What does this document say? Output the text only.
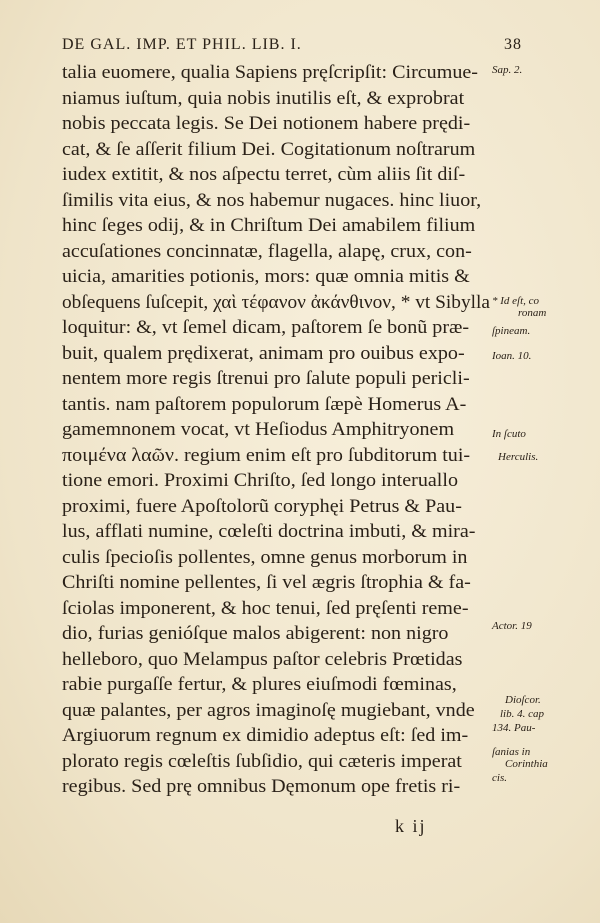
DE GAL. IMP. ET PHIL. LIB. I.	38
talia euomere, qualia Sapiens pręſcripſit: Circumue-
niamus iuſtum, quia nobis inutilis eſt, & exprobrat
nobis peccata legis. Se Dei notionem habere prędi-
cat, & ſe aſſerit filium Dei. Cogitationum noſtrarum
iudex extitit, & nos aſpectu terret, cùm aliis ſit diſ-
ſimilis vita eius, & nos habemur nugaces. hinc liuor,
hinc ſeges odij, & in Chriſtum Dei amabilem filium
accuſationes concinnatæ, flagella, alapę, crux, con-
uicia, amarities potionis, mors: quæ omnia mitis &
obſequens ſuſcepit, χαὶ τέφανον ἀκάνθινον, * vt Sibylla
loquitur: &, vt ſemel dicam, paſtorem ſe bonũ præ-
buit, qualem prędixerat, animam pro ouibus expo-
nentem more regis ſtrenui pro ſalute populi pericli-
tantis. nam paſtorem populorum ſæpè Homerus A-
gamemnonem vocat, vt Heſiodus Amphitryonem
ποιμένα λαῶν. regium enim eſt pro ſubditorum tui-
tione emori. Proximi Chriſto, ſed longo interuallo
proximi, fuere Apoſtolorũ coryphęi Petrus & Pau-
lus, afflati numine, cœleſti doctrina imbuti, & mira-
culis ſpecioſis pollentes, omne genus morborum in
Chriſti nomine pellentes, ſi vel ægris ſtrophia & fa-
ſciolas imponerent, & hoc tenui, ſed pręſenti reme-
dio, furias genióſque malos abigerent: non nigro
helleboro, quo Melampus paſtor celebris Prœtidas
rabie purgaſſe fertur, & plures eiuſmodi fœminas,
quæ palantes, per agros imaginoſę mugiebant, vnde
Argiuorum regnum ex dimidio adeptus eſt: ſed im-
plorato regis cœleſtis ſubſidio, qui cæteris imperat
regibus. Sed prę omnibus Dęmonum ope fretis ri-
Sap. 2.
* Id eſt, co
ronam
ſpineam.
Ioan. 10.
In ſcuto
Herculis.
Actor. 19
Dioſcor.
lib. 4. cap
134. Pau-
ſanias in
Corinthia
cis.
k ij
